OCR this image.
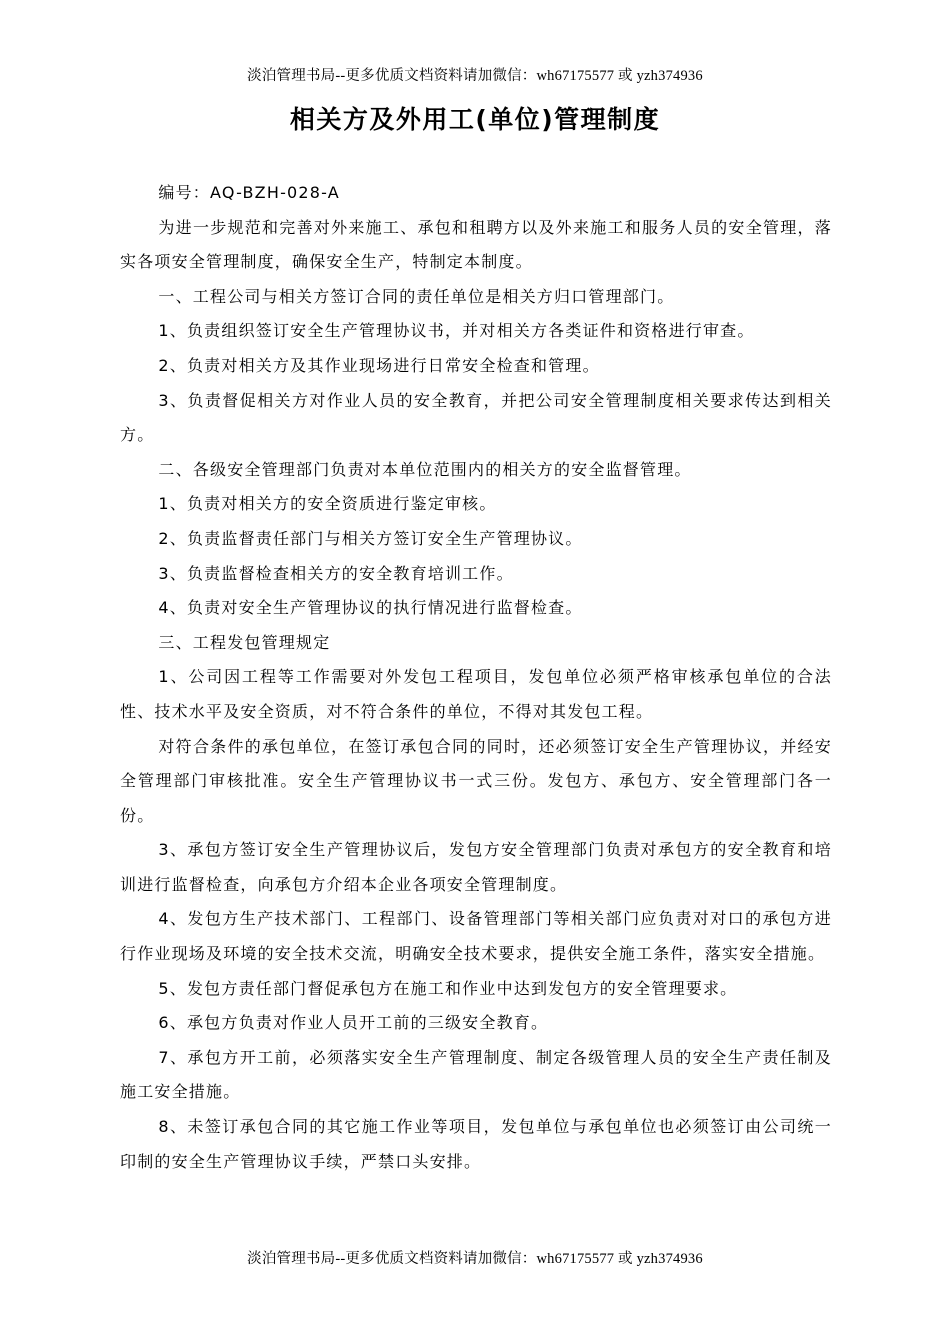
淡泊管理书局--更多优质文档资料请加微信：wh67175577 或 yzh374936
相关方及外用工(单位)管理制度

编号：AQ-BZH-028-A

为进一步规范和完善对外来施工、承包和租聘方以及外来施工和服务人员的安全管理，落实各项安全管理制度，确保安全生产，特制定本制度。

一、工程公司与相关方签订合同的责任单位是相关方归口管理部门。

1、负责组织签订安全生产管理协议书，并对相关方各类证件和资格进行审查。

2、负责对相关方及其作业现场进行日常安全检查和管理。

3、负责督促相关方对作业人员的安全教育，并把公司安全管理制度相关要求传达到相关方。

二、各级安全管理部门负责对本单位范围内的相关方的安全监督管理。

1、负责对相关方的安全资质进行鉴定审核。

2、负责监督责任部门与相关方签订安全生产管理协议。

3、负责监督检查相关方的安全教育培训工作。

4、负责对安全生产管理协议的执行情况进行监督检查。

三、工程发包管理规定

1、公司因工程等工作需要对外发包工程项目，发包单位必须严格审核承包单位的合法性、技术水平及安全资质，对不符合条件的单位，不得对其发包工程。

对符合条件的承包单位，在签订承包合同的同时，还必须签订安全生产管理协议，并经安全管理部门审核批准。安全生产管理协议书一式三份。发包方、承包方、安全管理部门各一份。

3、承包方签订安全生产管理协议后，发包方安全管理部门负责对承包方的安全教育和培训进行监督检查，向承包方介绍本企业各项安全管理制度。

4、发包方生产技术部门、工程部门、设备管理部门等相关部门应负责对对口的承包方进行作业现场及环境的安全技术交流，明确安全技术要求，提供安全施工条件，落实安全措施。

5、发包方责任部门督促承包方在施工和作业中达到发包方的安全管理要求。

6、承包方负责对作业人员开工前的三级安全教育。

7、承包方开工前，必须落实安全生产管理制度、制定各级管理人员的安全生产责任制及施工安全措施。

8、未签订承包合同的其它施工作业等项目，发包单位与承包单位也必须签订由公司统一印制的安全生产管理协议手续，严禁口头安排。

淡泊管理书局--更多优质文档资料请加微信：wh67175577 或 yzh374936
